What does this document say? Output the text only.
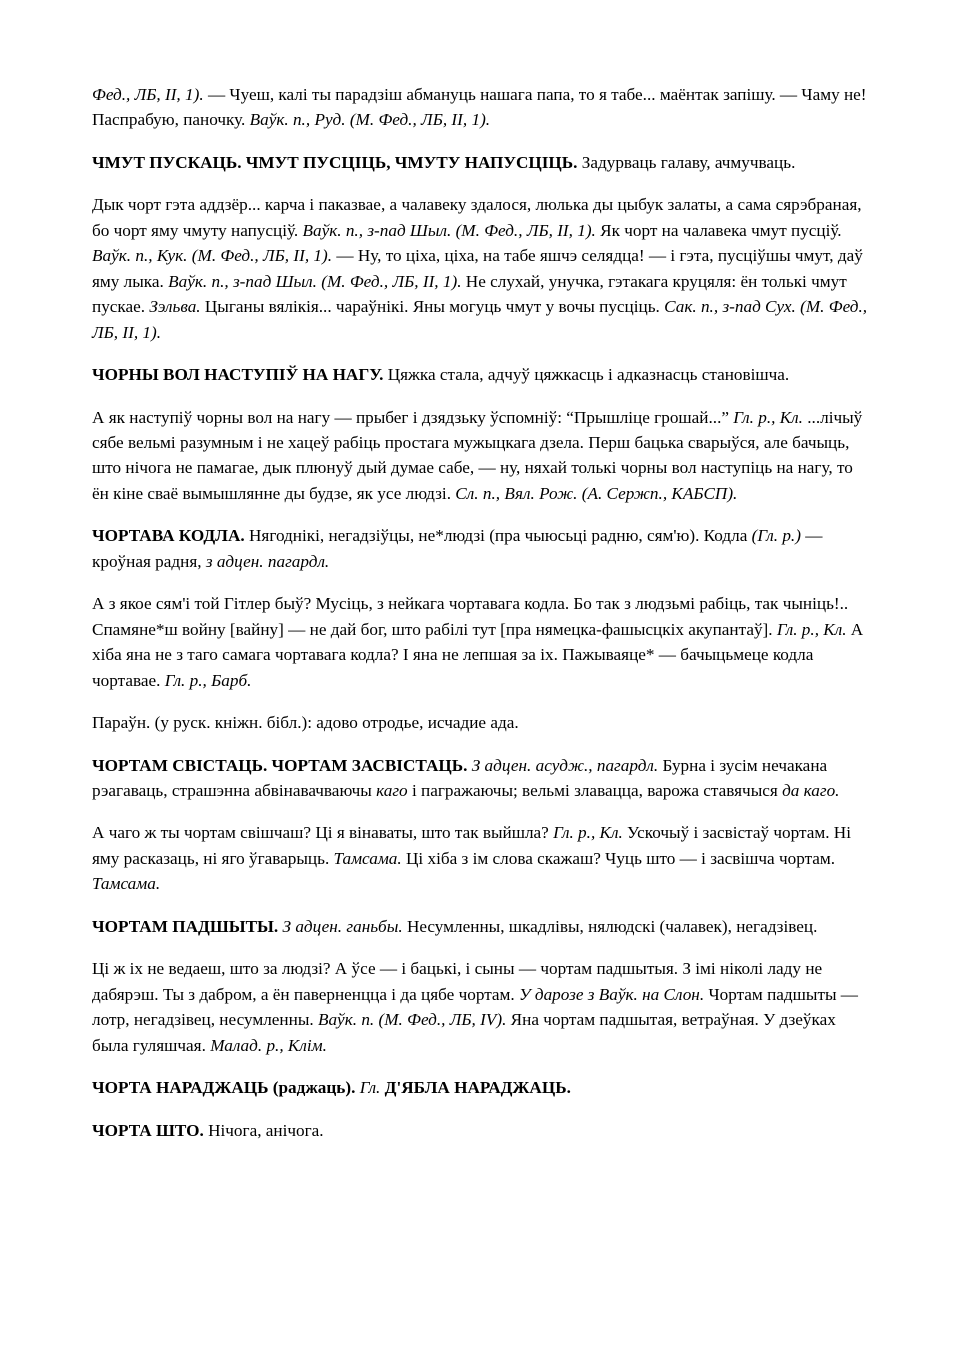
Фед., ЛБ, II, 1). — Чуеш, калі ты парадзіш абмануць нашага папа, то я табе... маёнтак запішу. — Чаму не! Паспрабую, паночку. Ваўк. п., Руд. (М. Фед., ЛБ, II, 1).

ЧМУТ ПУСКАЦЬ. ЧМУТ ПУСЦІЦЬ, ЧМУТУ НАПУСЦІЦЬ. Задурваць галаву, ачмучваць.

Дык чорт гэта аддзёр... карча і паказвае, а чалавеку здалося, люлька ды цыбук залаты, а сама сярэбраная, бо чорт яму чмуту напусціў. Ваўк. п., з-пад Шыл. (М. Фед., ЛБ, II, 1). Як чорт на чалавека чмут пусціў. Ваўк. п., Кук. (М. Фед., ЛБ, II, 1). — Ну, то ціха, ціха, на табе яшчэ селядца! — і гэта, пусціўшы чмут, даў яму лыка. Ваўк. п., з-пад Шыл. (М. Фед., ЛБ, II, 1). Не слухай, унучка, гэтакага круцяля: ён толькі чмут пускае. Зэльва. Цыганы вялікія... чараўнікі. Яны могуць чмут у вочы пусціць. Сак. п., з-пад Сух. (М. Фед., ЛБ, II, 1).

ЧОРНЫ ВОЛ НАСТУПІЎ НА НАГУ. Цяжка стала, адчуў цяжкасць і адказнасць становішча.

А як наступіў чорны вол на нагу — прыбег і дзядзьку ўспомніў: “Прышліце грошай...” Гл. р., Кл. ...лічыў сябе вельмі разумным і не хацеў рабіць простага мужыцкага дзела. Перш бацька сварыўся, але бачыць, што нічога не памагае, дык плюнуў дый думае сабе, — ну, няхай толькі чорны вол наступіць на нагу, то ён кіне сваё вымышлянне ды будзе, як усе людзі. Сл. п., Вял. Рож. (А. Сержп., КАБСП).

ЧОРТАВА КОДЛА. Нягоднікі, негадзіўцы, не*людзі (пра чыюсьці радню, сям'ю). Кодла (Гл. р.) — кроўная радня, з адцен. пагардл.

А з якое сям'і той Гітлер быў? Мусіць, з нейкага чортавага кодла. Бо так з людзьмі рабіць, так чыніць!.. Спамяне*ш войну [вайну] — не дай бог, што рабілі тут [пра нямецка-фашысцкіх акупантаў]. Гл. р., Кл. А хіба яна не з таго самага чортавага кодла? І яна не лепшая за іх. Пажываяце* — бачыцьмеце кодла чортавае. Гл. р., Барб.

Параўн. (у руск. кніжн. бібл.): адово отродье, исчадие ада.

ЧОРТАМ СВІСТАЦЬ. ЧОРТАМ ЗАСВІСТАЦЬ. З адцен. асудж., пагардл. Бурна і зусім нечакана рэагаваць, страшэнна абвінавачваючы каго і пагражаючы; вельмі злавацца, варожа ставячыся да каго.

А чаго ж ты чортам свішчаш? Ці я вінаваты, што так выйшла? Гл. р., Кл. Ускочыў і засвістаў чортам. Ні яму расказаць, ні яго ўгаварыць. Тамсама. Ці хіба з ім слова скажаш? Чуць што — і засвішча чортам. Тамсама.

ЧОРТАМ ПАДШЫТЫ. З адцен. ганьбы. Несумленны, шкадлівы, нялюдскі (чалавек), негадзівец.

Ці ж іх не ведаеш, што за людзі? А ўсе — і бацькі, і сыны — чортам падшытыя. З імі ніколі ладу не дабярэш. Ты з дабром, а ён паверненцца і да цябе чортам. У дарозе з Ваўк. на Слон. Чортам падшыты — лотр, негадзівец, несумленны. Ваўк. п. (М. Фед., ЛБ, IV). Яна чортам падшытая, ветраўная. У дзеўках была гуляшчая. Малад. р., Клім.

ЧОРТА НАРАДЖАЦЬ (раджаць). Гл. Д'ЯБЛА НАРАДЖАЦЬ.

ЧОРТА ШТО. Нічога, анічога.
